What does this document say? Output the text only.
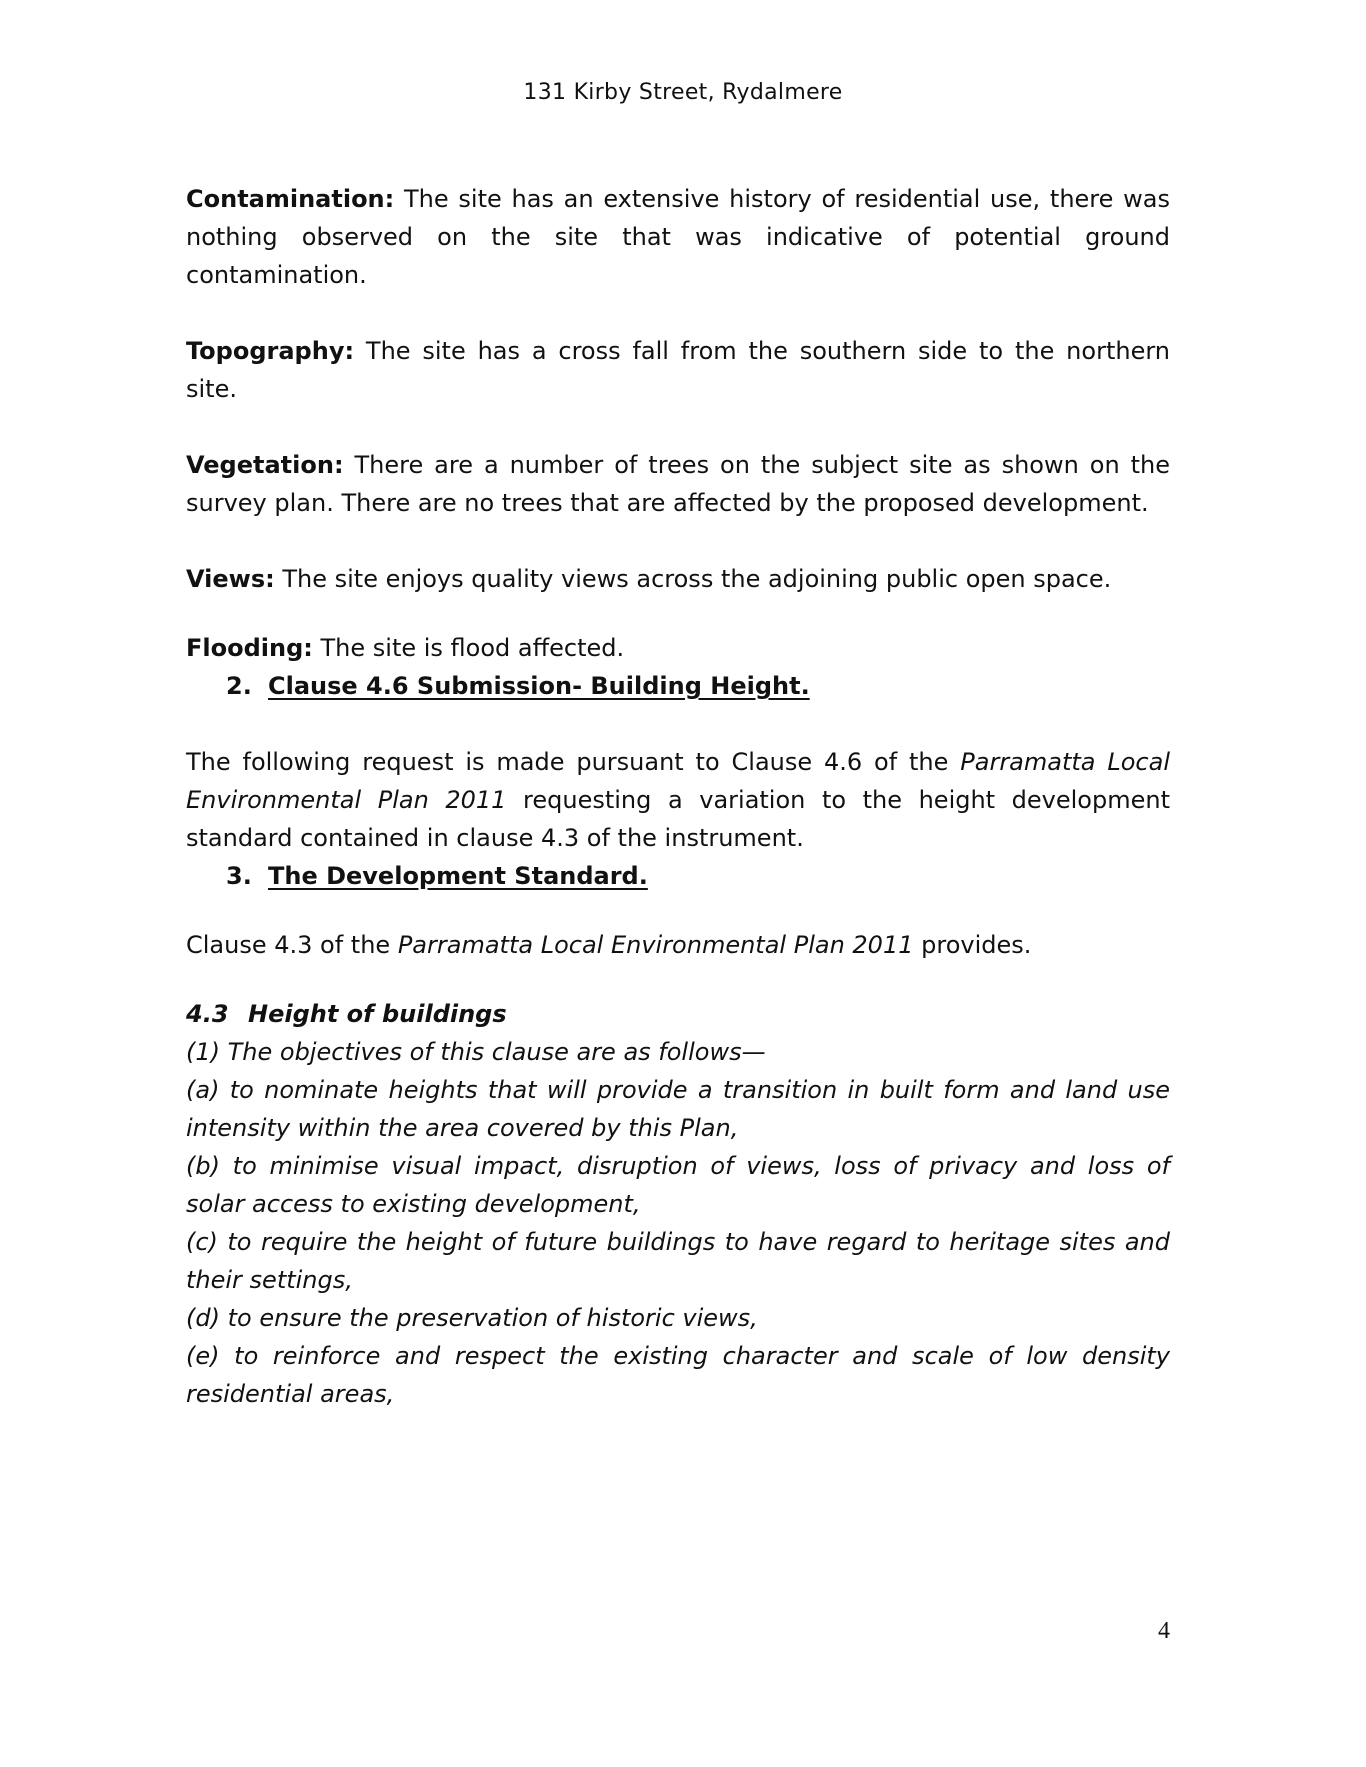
131 Kirby Street, Rydalmere

Contamination: The site has an extensive history of residential use, there was nothing observed on the site that was indicative of potential ground contamination.

Topography: The site has a cross fall from the southern side to the northern site.

Vegetation: There are a number of trees on the subject site as shown on the survey plan. There are no trees that are affected by the proposed development.

Views: The site enjoys quality views across the adjoining public open space.

Flooding: The site is flood affected.

2. Clause 4.6 Submission- Building Height.

The following request is made pursuant to Clause 4.6 of the Parramatta Local Environmental Plan 2011 requesting a variation to the height development standard contained in clause 4.3 of the instrument.

3. The Development Standard.

Clause 4.3 of the Parramatta Local Environmental Plan 2011 provides.

4.3 Height of buildings

(1) The objectives of this clause are as follows—

(a) to nominate heights that will provide a transition in built form and land use intensity within the area covered by this Plan,

(b) to minimise visual impact, disruption of views, loss of privacy and loss of solar access to existing development,

(c) to require the height of future buildings to have regard to heritage sites and their settings,

(d) to ensure the preservation of historic views,

(e) to reinforce and respect the existing character and scale of low density residential areas,

4
